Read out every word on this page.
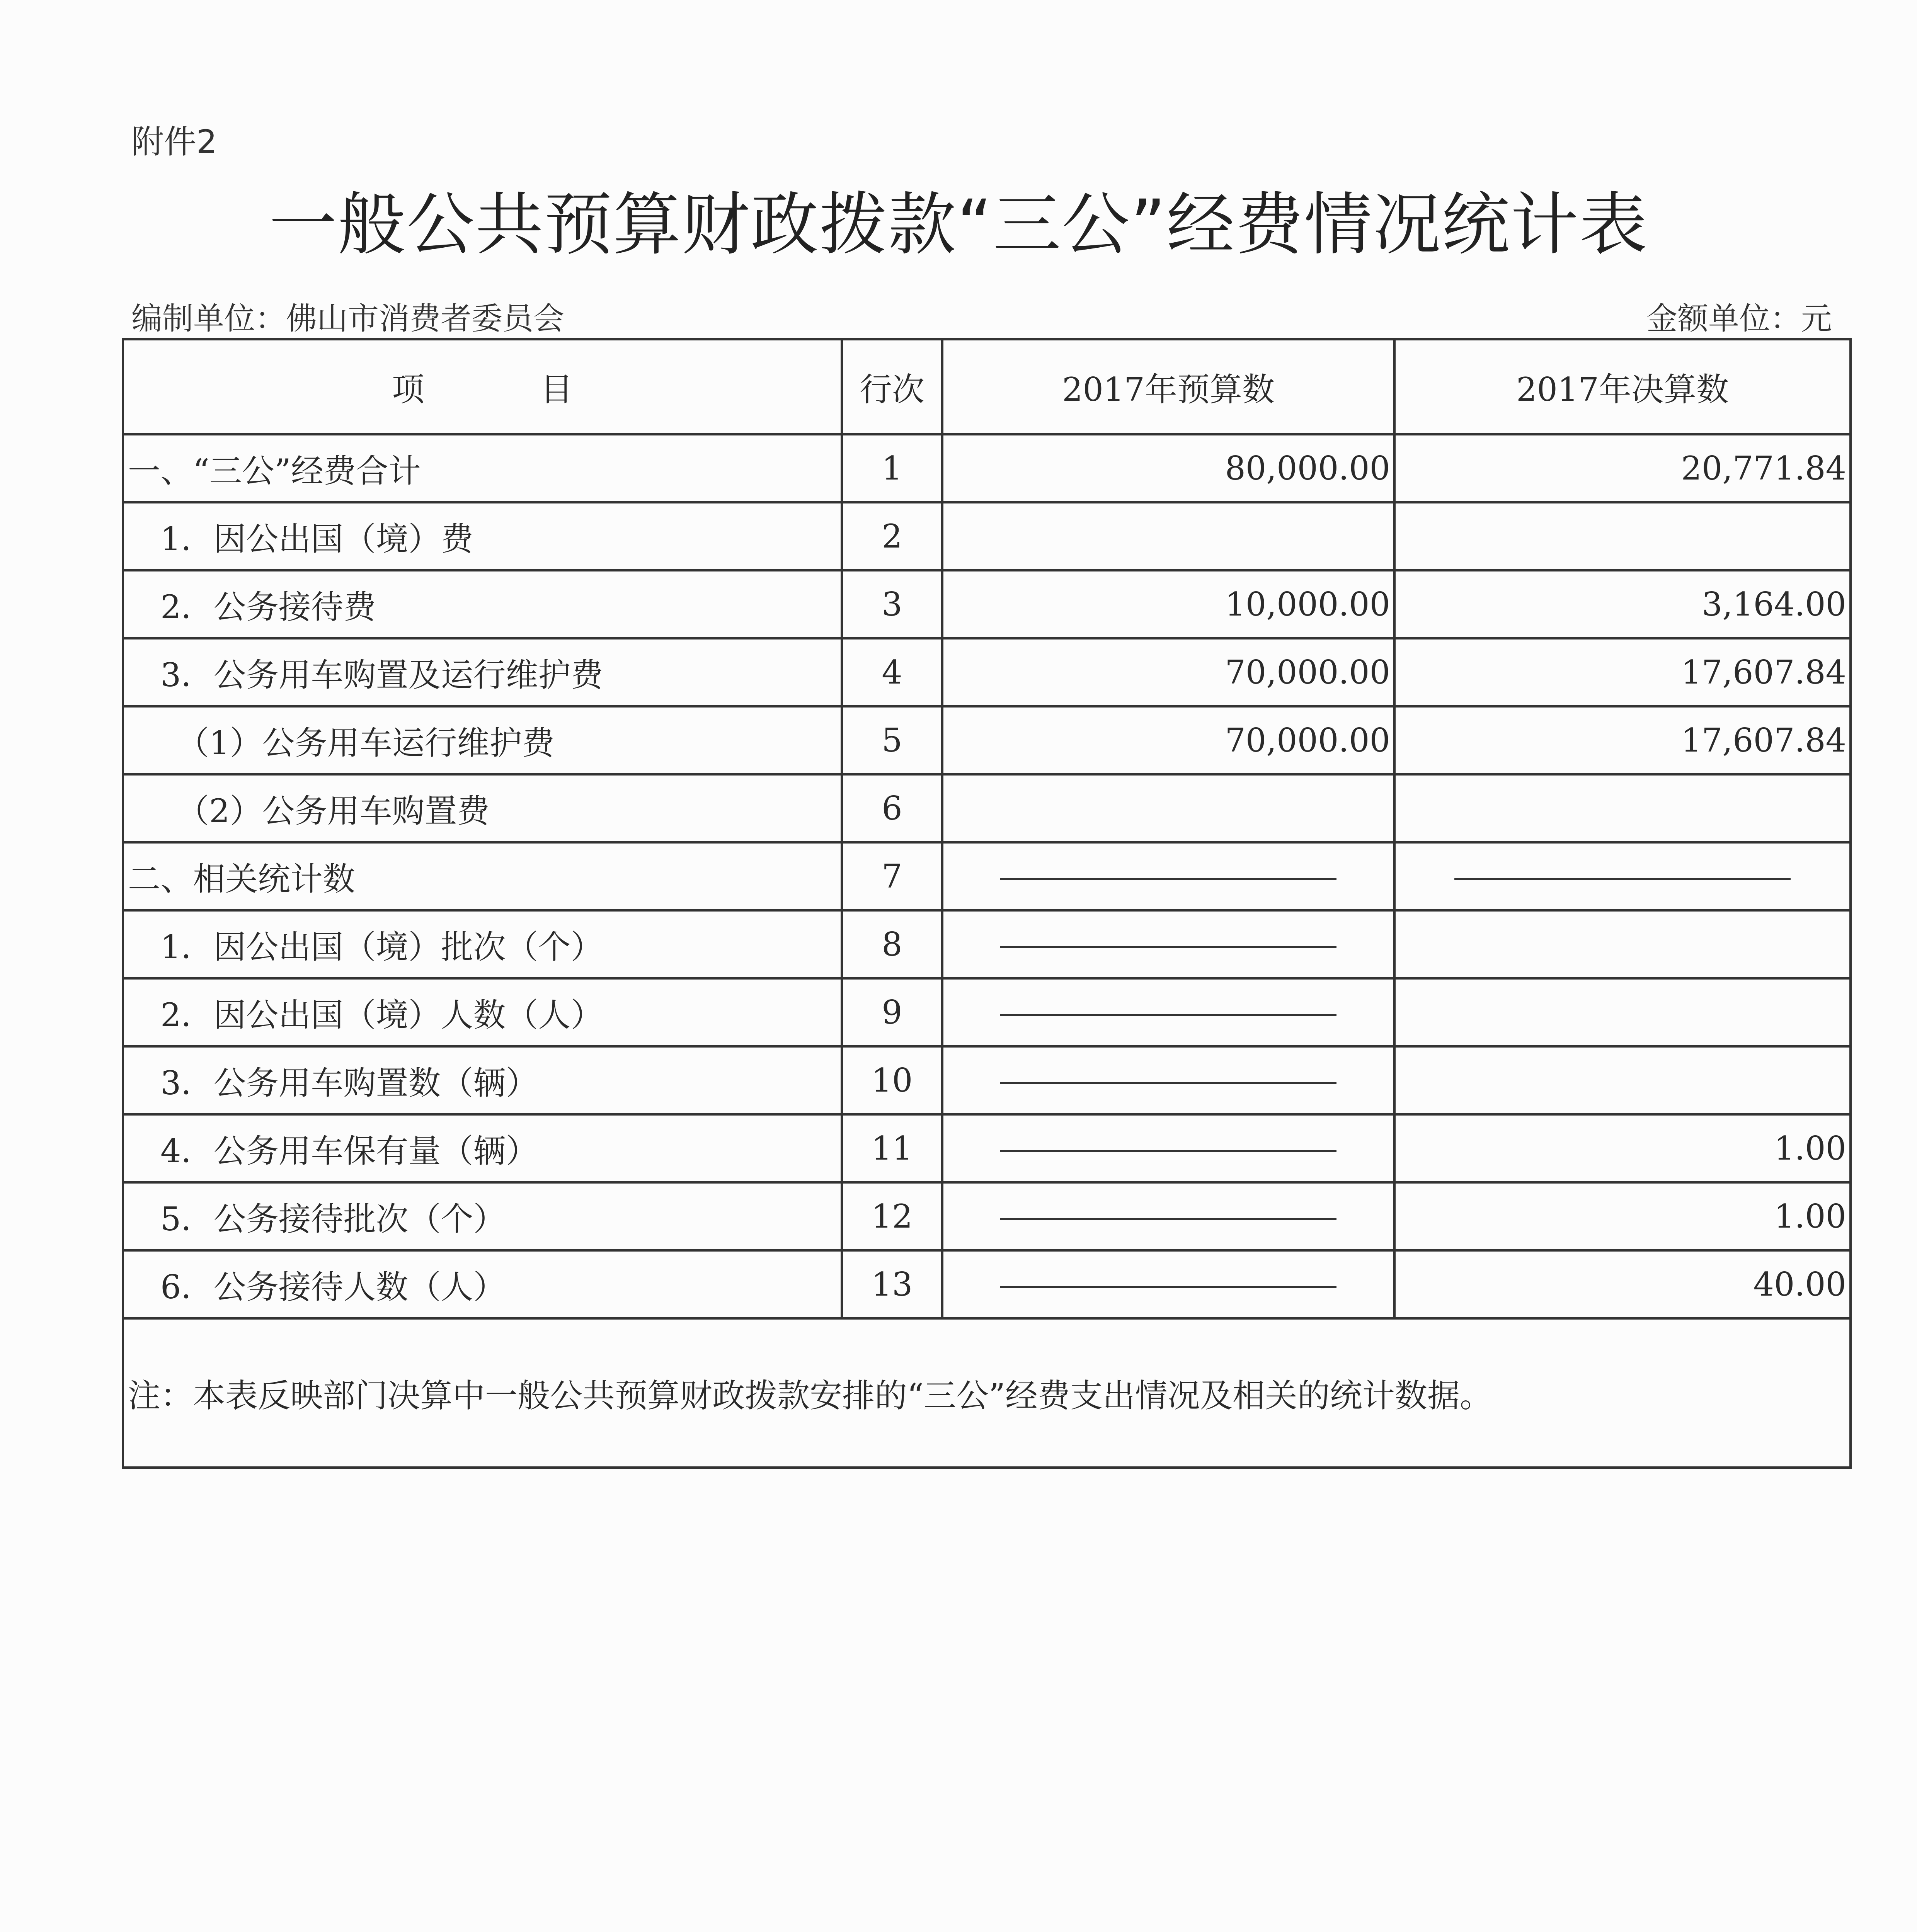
附件2
一般公共预算财政拨款“三公”经费情况统计表
编制单位：佛山市消费者委员会	金额单位：元
项 目	行次	2017年预算数	2017年决算数
一、“三公”经费合计	1	80,000.00	20,771.84
　1．因公出国（境）费	2		
　2．公务接待费	3	10,000.00	3,164.00
　3．公务用车购置及运行维护费	4	70,000.00	17,607.84
　　（1）公务用车运行维护费	5	70,000.00	17,607.84
　　（2）公务用车购置费	6		
二、相关统计数	7		
　1．因公出国（境）批次（个）	8		
　2．因公出国（境）人数（人）	9		
　3．公务用车购置数（辆）	10		
　4．公务用车保有量（辆）	11		1.00
　5．公务接待批次（个）	12		1.00
　6．公务接待人数（人）	13		40.00
注：本表反映部门决算中一般公共预算财政拨款安排的“三公”经费支出情况及相关的统计数据。			
